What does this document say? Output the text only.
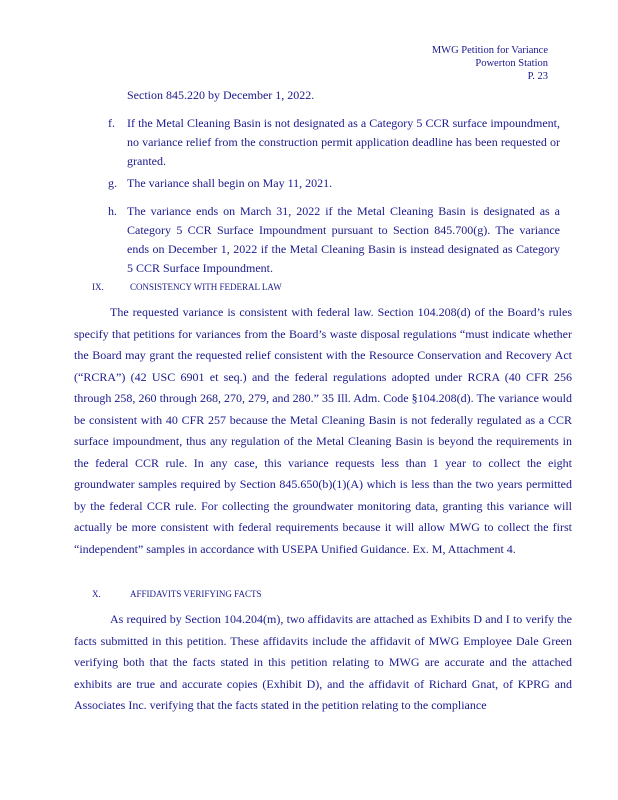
MWG Petition for Variance
Powerton Station
P. 23
Section 845.220 by December 1, 2022.
f. If the Metal Cleaning Basin is not designated as a Category 5 CCR surface impoundment, no variance relief from the construction permit application deadline has been requested or granted.
g. The variance shall begin on May 11, 2021.
h. The variance ends on March 31, 2022 if the Metal Cleaning Basin is designated as a Category 5 CCR Surface Impoundment pursuant to Section 845.700(g). The variance ends on December 1, 2022 if the Metal Cleaning Basin is instead designated as Category 5 CCR Surface Impoundment.
IX.	CONSISTENCY WITH FEDERAL LAW
The requested variance is consistent with federal law. Section 104.208(d) of the Board’s rules specify that petitions for variances from the Board’s waste disposal regulations “must indicate whether the Board may grant the requested relief consistent with the Resource Conservation and Recovery Act (“RCRA”) (42 USC 6901 et seq.) and the federal regulations adopted under RCRA (40 CFR 256 through 258, 260 through 268, 270, 279, and 280.” 35 Ill. Adm. Code §104.208(d). The variance would be consistent with 40 CFR 257 because the Metal Cleaning Basin is not federally regulated as a CCR surface impoundment, thus any regulation of the Metal Cleaning Basin is beyond the requirements in the federal CCR rule. In any case, this variance requests less than 1 year to collect the eight groundwater samples required by Section 845.650(b)(1)(A) which is less than the two years permitted by the federal CCR rule. For collecting the groundwater monitoring data, granting this variance will actually be more consistent with federal requirements because it will allow MWG to collect the first “independent” samples in accordance with USEPA Unified Guidance. Ex. M, Attachment 4.
X.	AFFIDAVITS VERIFYING FACTS
As required by Section 104.204(m), two affidavits are attached as Exhibits D and I to verify the facts submitted in this petition. These affidavits include the affidavit of MWG Employee Dale Green verifying both that the facts stated in this petition relating to MWG are accurate and the attached exhibits are true and accurate copies (Exhibit D), and the affidavit of Richard Gnat, of KPRG and Associates Inc. verifying that the facts stated in the petition relating to the compliance
